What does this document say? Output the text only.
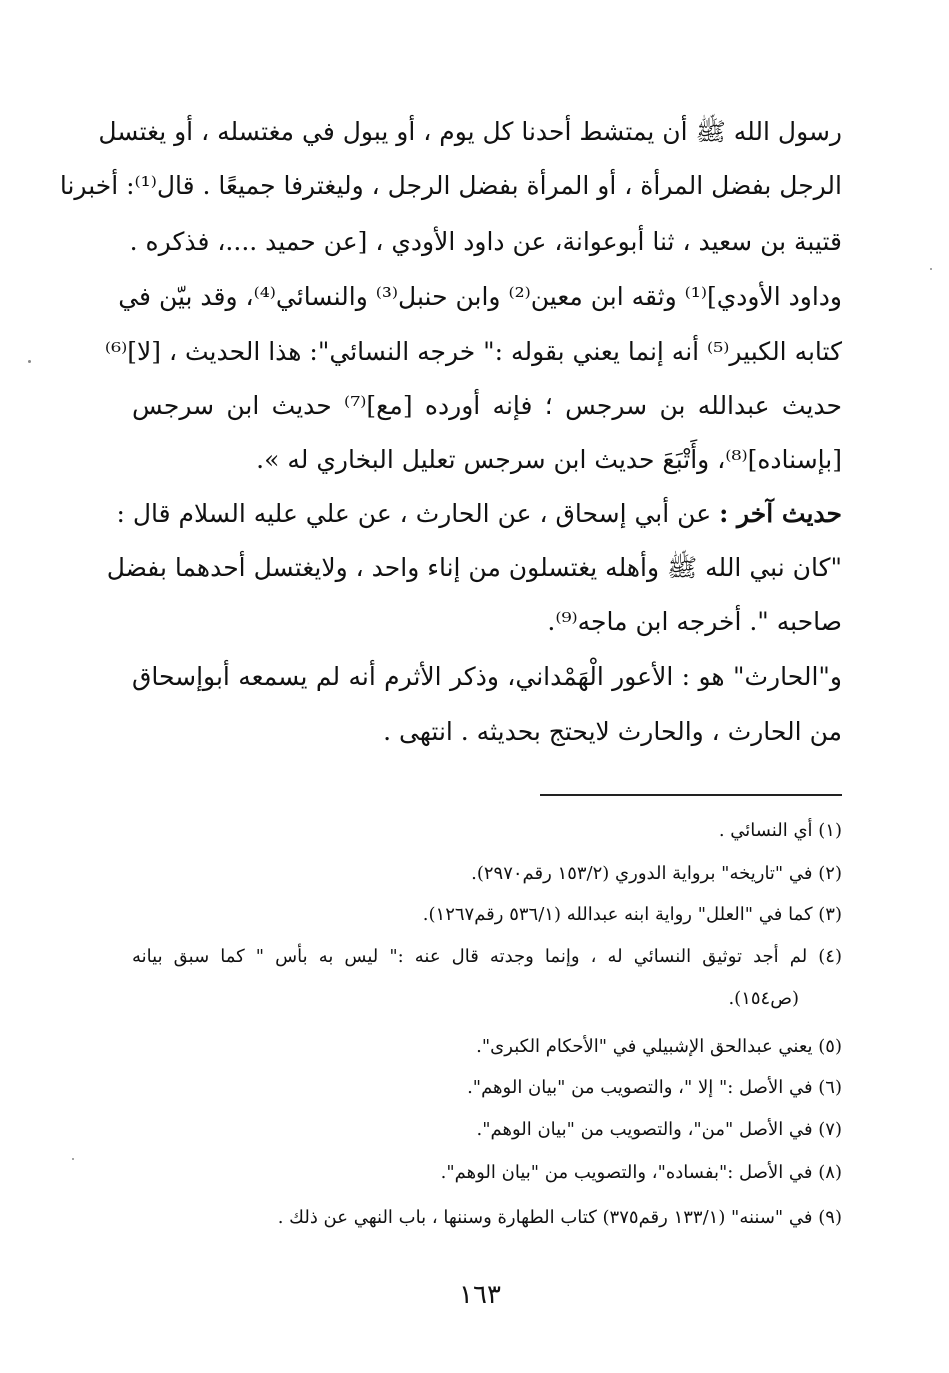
رسول الله ﷺ أن يمتشط أحدنا كل يوم ، أو يبول في مغتسله ، أو يغتسل
الرجل بفضل المرأة ، أو المرأة بفضل الرجل ، وليغترفا جميعًا . قال⁽¹⁾: أخبرنا
قتيبة بن سعيد ، ثنا أبوعوانة، عن داود الأودي ، [عن حميد ....، فذكره .
وداود الأودي]⁽¹⁾ وثقه ابن معين⁽²⁾ وابن حنبل⁽³⁾ والنسائي⁽⁴⁾، وقد بيّن في
كتابه الكبير⁽⁵⁾ أنه إنما يعني بقوله :" خرجه النسائي": هذا الحديث ، [لا]⁽⁶⁾
حديث عبدالله بن سرجس ؛ فإنه أورده [مع]⁽⁷⁾ حديث ابن سرجس
[بإسناده]⁽⁸⁾، وأَتْبَعَ حديث ابن سرجس تعليل البخاري له ».
حديث آخر : عن أبي إسحاق ، عن الحارث ، عن علي عليه السلام قال :
"كان نبي الله ﷺ وأهله يغتسلون من إناء واحد ، ولايغتسل أحدهما بفضل
صاحبه ". أخرجه ابن ماجه⁽⁹⁾.
و"الحارث" هو : الأعور الْهَمْداني، وذكر الأثرم أنه لم يسمعه أبوإسحاق
من الحارث ، والحارث لايحتج بحديثه . انتهى .
(١) أي النسائي .
(٢) في "تاريخه" برواية الدوري (١٥٣/٢ رقم٢٩٧٠).
(٣) كما في "العلل" رواية ابنه عبدالله (٥٣٦/١ رقم١٢٦٧).
(٤) لم أجد توثيق النسائي له ، وإنما وجدته قال عنه :" ليس به بأس " كما سبق بيانه
(ص١٥٤).
(٥) يعني عبدالحق الإشبيلي في "الأحكام الكبرى".
(٦) في الأصل :" إلا "، والتصويب من "بيان الوهم".
(٧) في الأصل "من"، والتصويب من "بيان الوهم".
(٨) في الأصل :"بفساده"، والتصويب من "بيان الوهم".
(٩) في "سننه" (١٣٣/١ رقم٣٧٥) كتاب الطهارة وسننها ، باب النهي عن ذلك .
١٦٣
